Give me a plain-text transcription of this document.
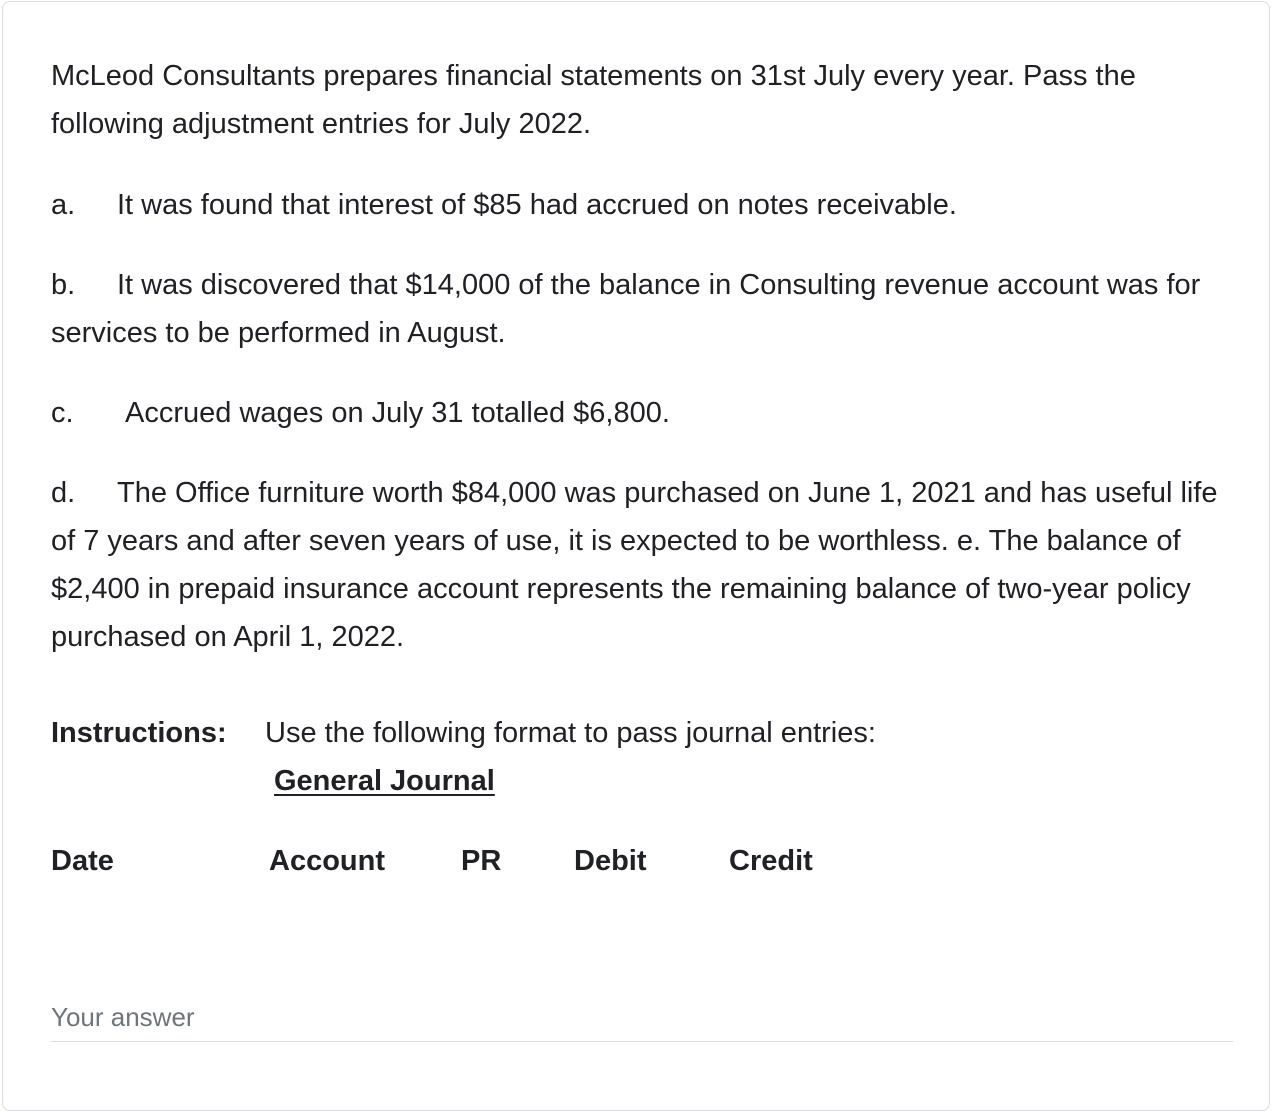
McLeod Consultants prepares financial statements on 31st July every year. Pass the following adjustment entries for July 2022.
a. It was found that interest of $85 had accrued on notes receivable.
b. It was discovered that $14,000 of the balance in Consulting revenue account was for services to be performed in August.
c. Accrued wages on July 31 totalled $6,800.
d. The Office furniture worth $84,000 was purchased on June 1, 2021 and has useful life of 7 years and after seven years of use, it is expected to be worthless. e. The balance of $2,400 in prepaid insurance account represents the remaining balance of two-year policy purchased on April 1, 2022.
Instructions: Use the following format to pass journal entries:
General Journal
Date	Account	PR	Debit	Credit
Your answer
